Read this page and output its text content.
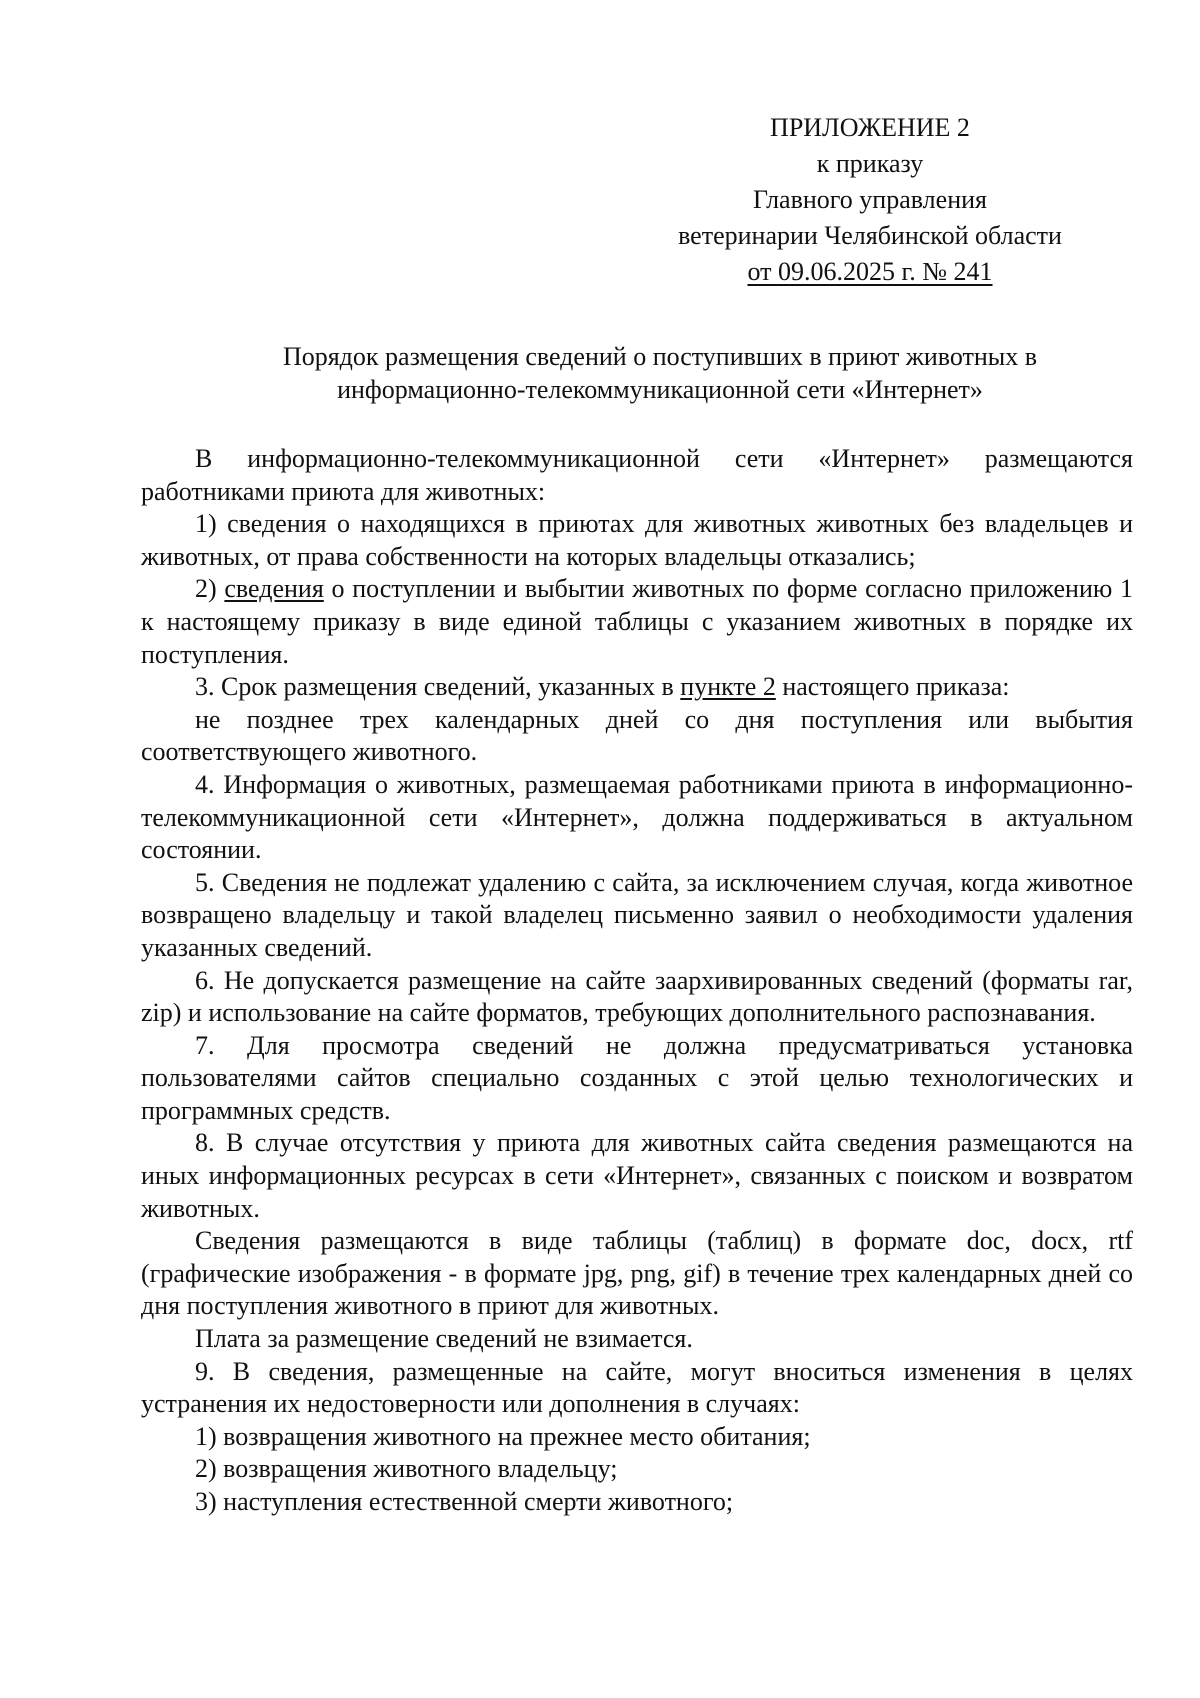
ПРИЛОЖЕНИЕ 2
к приказу
Главного управления
ветеринарии Челябинской области
от 09.06.2025 г. № 241
Порядок размещения сведений о поступивших в приют животных в
информационно-телекоммуникационной сети «Интернет»

В информационно-телекоммуникационной сети «Интернет» размещаются работниками приюта для животных:

1) сведения о находящихся в приютах для животных животных без владельцев и животных, от права собственности на которых владельцы отказались;

2) сведения о поступлении и выбытии животных по форме согласно приложению 1 к настоящему приказу в виде единой таблицы с указанием животных в порядке их поступления.

3. Срок размещения сведений, указанных в пункте 2 настоящего приказа:

не позднее трех календарных дней со дня поступления или выбытия соответствующего животного.

4. Информация о животных, размещаемая работниками приюта в информационно-телекоммуникационной сети «Интернет», должна поддерживаться в актуальном состоянии.

5. Сведения не подлежат удалению с сайта, за исключением случая, когда животное возвращено владельцу и такой владелец письменно заявил о необходимости удаления указанных сведений.

6. Не допускается размещение на сайте заархивированных сведений (форматы rar, zip) и использование на сайте форматов, требующих дополнительного распознавания.

7. Для просмотра сведений не должна предусматриваться установка пользователями сайтов специально созданных с этой целью технологических и программных средств.

8. В случае отсутствия у приюта для животных сайта сведения размещаются на иных информационных ресурсах в сети «Интернет», связанных с поиском и возвратом животных.

Сведения размещаются в виде таблицы (таблиц) в формате doc, docx, rtf (графические изображения - в формате jpg, png, gif) в течение трех календарных дней со дня поступления животного в приют для животных.

Плата за размещение сведений не взимается.

9. В сведения, размещенные на сайте, могут вноситься изменения в целях устранения их недостоверности или дополнения в случаях:

1) возвращения животного на прежнее место обитания;

2) возвращения животного владельцу;

3) наступления естественной смерти животного;
